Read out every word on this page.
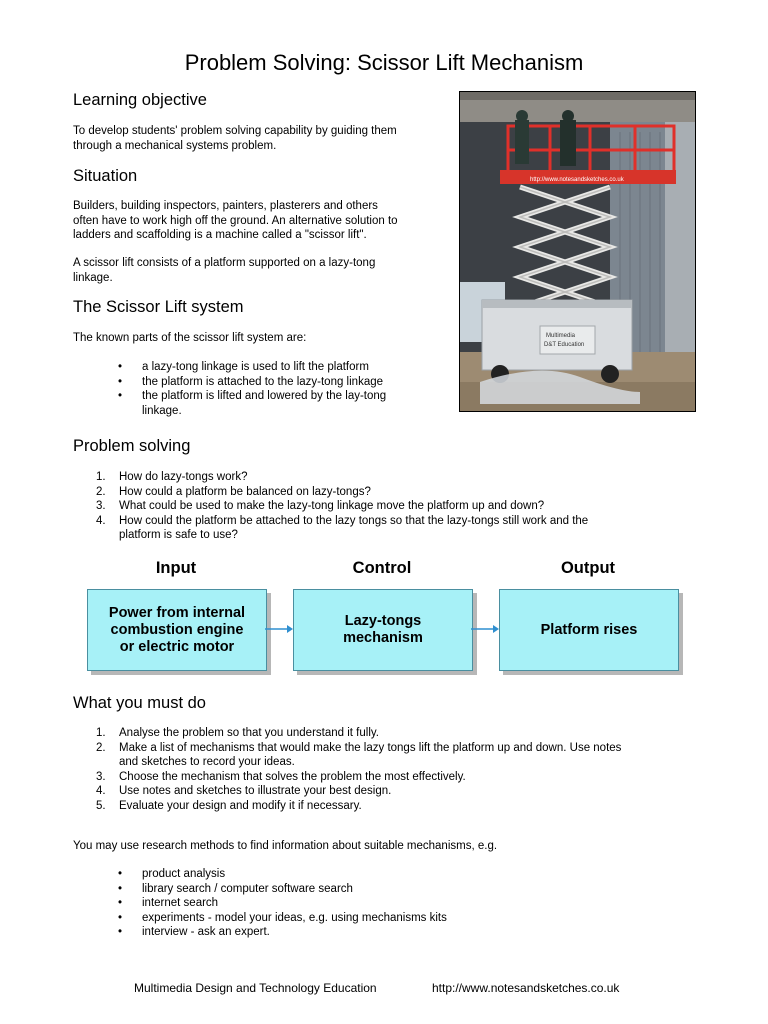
Problem Solving: Scissor Lift Mechanism
Learning objective
To develop students' problem solving capability by guiding them
through a mechanical systems problem.
Situation
Builders, building inspectors, painters, plasterers and others
often have to work high off the ground. An alternative solution to
ladders and scaffolding is a machine called a "scissor lift".
A scissor lift consists of a platform supported on a lazy-tong
linkage.
The Scissor Lift system
The known parts of the scissor lift system are:
• a lazy-tong linkage is used to lift the platform
• the platform is attached to the lazy-tong linkage
• the platform is lifted and lowered by the lay-tong
linkage.
http://www.notesandsketches.co.uk
Multimedia
D&T Education
Problem solving
1. How do lazy-tongs work?
2. How could a platform be balanced on lazy-tongs?
3. What could be used to make the lazy-tong linkage move the platform up and down?
4. How could the platform be attached to the lazy tongs so that the lazy-tongs still work and the
platform is safe to use?
Input	Control	Output
Power from internal
combustion engine
or electric motor
Lazy-tongs
mechanism
Platform rises
What you must do
1. Analyse the problem so that you understand it fully.
2. Make a list of mechanisms that would make the lazy tongs lift the platform up and down. Use notes
and sketches to record your ideas.
3. Choose the mechanism that solves the problem the most effectively.
4. Use notes and sketches to illustrate your best design.
5. Evaluate your design and modify it if necessary.
You may use research methods to find information about suitable mechanisms, e.g.
• product analysis
• library search / computer software search
• internet search
• experiments - model your ideas, e.g. using mechanisms kits
• interview - ask an expert.
Multimedia Design and Technology Education	http://www.notesandsketches.co.uk
